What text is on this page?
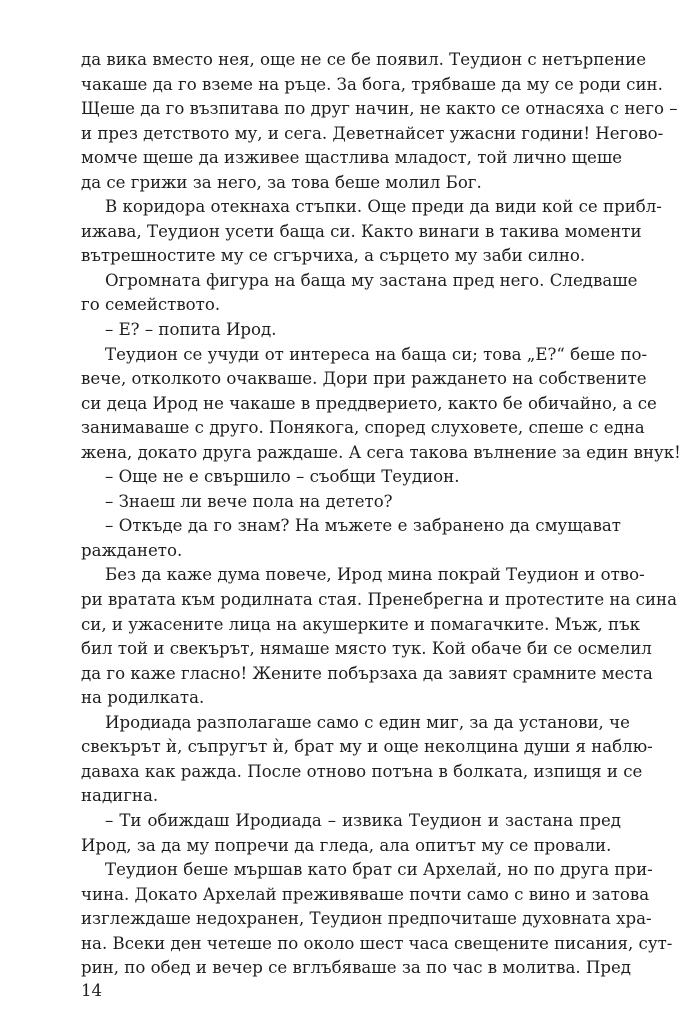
да вика вместо нея, още не се бе появил. Теудион с нетърпение
чакаше да го вземе на ръце. За бога, трябваше да му се роди син.
Щеше да го възпитава по друг начин, не както се отнасяха с него –
и през детството му, и сега. Деветнайсет ужасни години! Негово-
момче щеше да изживее щастлива младост, той лично щеше
да се грижи за него, за това беше молил Бог.
В коридора отекнаха стъпки. Още преди да види кой се прибл-
ижава, Теудион усети баща си. Както винаги в такива моменти
вътрешностите му се сгърчиха, а сърцето му заби силно.
Огромната фигура на баща му застана пред него. Следваше
го семейството.
– Е? – попита Ирод.
Теудион се учуди от интереса на баща си; това „Е?“ беше по-
вече, отколкото очакваше. Дори при раждането на собствените
си деца Ирод не чакаше в преддверието, както бе обичайно, а се
занимаваше с друго. Понякога, според слуховете, спеше с една
жена, докато друга раждаше. А сега такова вълнение за един внук!
– Още не е свършило – съобщи Теудион.
– Знаеш ли вече пола на детето?
– Откъде да го знам? На мъжете е забранено да смущават
раждането.
Без да каже дума повече, Ирод мина покрай Теудион и отво-
ри вратата към родилната стая. Пренебрегна и протестите на сина
си, и ужасените лица на акушерките и помагачките. Мъж, пък
бил той и свекърът, нямаше място тук. Кой обаче би се осмелил
да го каже гласно! Жените побързаха да завият срамните места
на родилката.
Иродиада разполагаше само с един миг, за да установи, че
свекърът ѝ, съпругът ѝ, брат му и още неколцина души я наблю-
даваха как ражда. После отново потъна в болката, изпищя и се
надигна.
– Ти обиждаш Иродиада – извика Теудион и застана пред
Ирод, за да му попречи да гледа, ала опитът му се провали.
Теудион беше мършав като брат си Архелай, но по друга при-
чина. Докато Архелай преживяваше почти само с вино и затова
изглеждаше недохранен, Теудион предпочиташе духовната хра-
на. Всеки ден четеше по около шест часа свещените писания, сут-
рин, по обед и вечер се вглъбяваше за по час в молитва. Пред
14
